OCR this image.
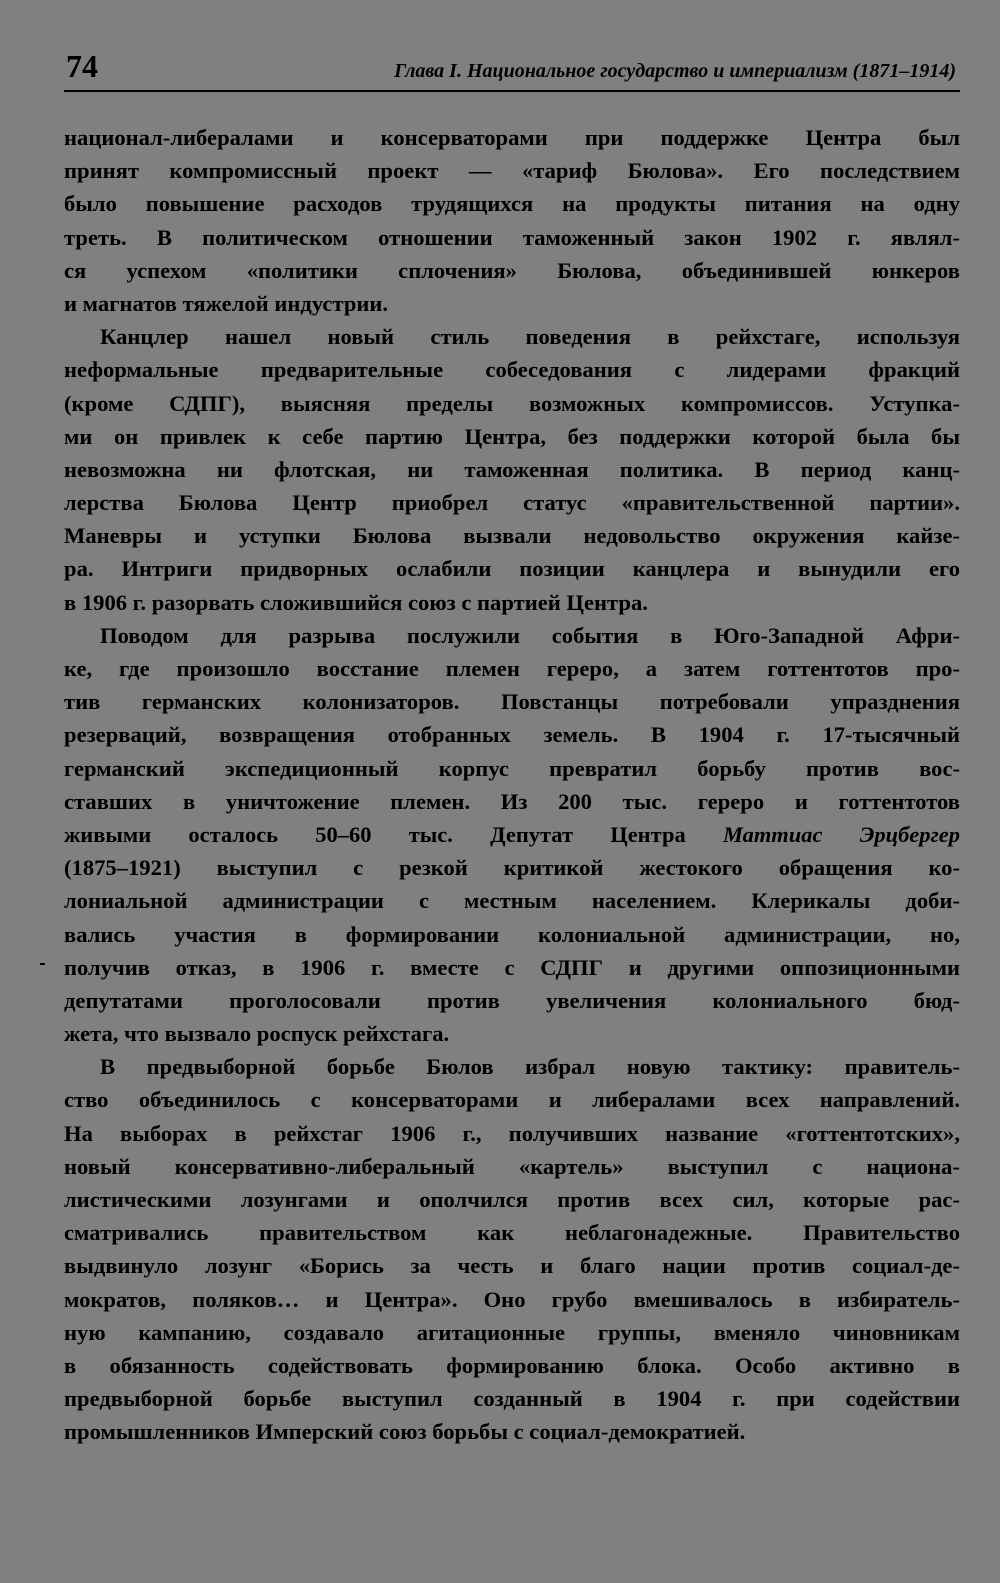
74	Глава I. Национальное государство и империализм (1871–1914)
национал-либералами и консерваторами при поддержке Центра был
принят компромиссный проект — «тариф Бюлова». Его последствием
было повышение расходов трудящихся на продукты питания на одну
треть. В политическом отношении таможенный закон 1902 г. являл-
ся успехом «политики сплочения» Бюлова, объединившей юнкеров
и магнатов тяжелой индустрии.
Канцлер нашел новый стиль поведения в рейхстаге, используя
неформальные предварительные собеседования с лидерами фракций
(кроме СДПГ), выясняя пределы возможных компромиссов. Уступка-
ми он привлек к себе партию Центра, без поддержки которой была бы
невозможна ни флотская, ни таможенная политика. В период канц-
лерства Бюлова Центр приобрел статус «правительственной партии».
Маневры и уступки Бюлова вызвали недовольство окружения кайзе-
ра. Интриги придворных ослабили позиции канцлера и вынудили его
в 1906 г. разорвать сложившийся союз с партией Центра.
Поводом для разрыва послужили события в Юго-Западной Афри-
ке, где произошло восстание племен гереро, а затем готтентотов про-
тив германских колонизаторов. Повстанцы потребовали упразднения
резерваций, возвращения отобранных земель. В 1904 г. 17-тысячный
германский экспедиционный корпус превратил борьбу против вос-
ставших в уничтожение племен. Из 200 тыс. гереро и готтентотов
живыми осталось 50–60 тыс. Депутат Центра Маттиас Эрцбергер
(1875–1921) выступил с резкой критикой жестокого обращения ко-
лониальной администрации с местным населением. Клерикалы доби-
вались участия в формировании колониальной администрации, но,
получив отказ, в 1906 г. вместе с СДПГ и другими оппозиционными
депутатами проголосовали против увеличения колониального бюд-
жета, что вызвало роспуск рейхстага.
В предвыборной борьбе Бюлов избрал новую тактику: правитель-
ство объединилось с консерваторами и либералами всех направлений.
На выборах в рейхстаг 1906 г., получивших название «готтентотских»,
новый консервативно-либеральный «картель» выступил с национа-
листическими лозунгами и ополчился против всех сил, которые рас-
сматривались правительством как неблагонадежные. Правительство
выдвинуло лозунг «Борись за честь и благо нации против социал-де-
мократов, поляков… и Центра». Оно грубо вмешивалось в избиратель-
ную кампанию, создавало агитационные группы, вменяло чиновникам
в обязанность содействовать формированию блока. Особо активно в
предвыборной борьбе выступил созданный в 1904 г. при содействии
промышленников Имперский союз борьбы с социал-демократией.
